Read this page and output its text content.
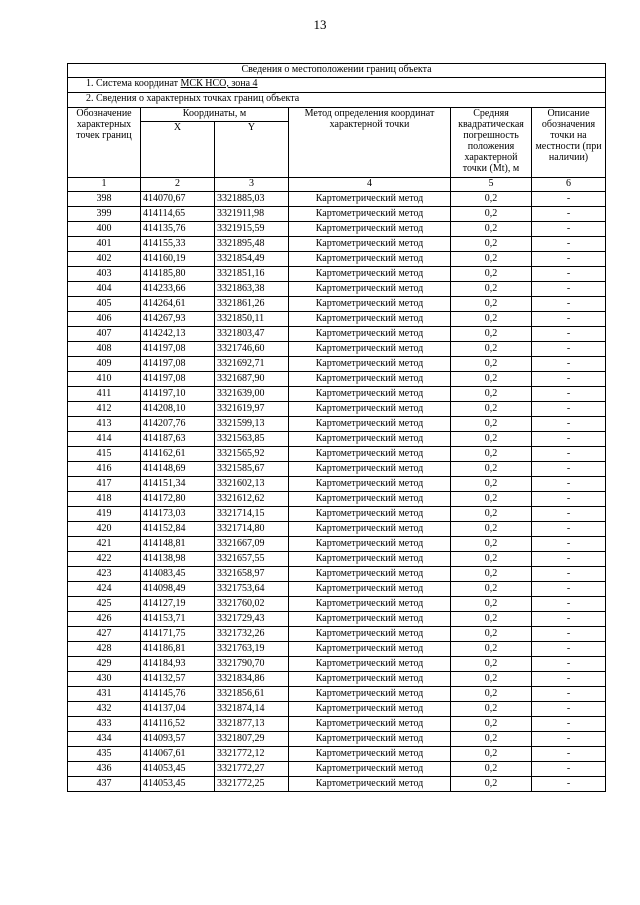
13
Сведения о местоположении границ объекта					
1. Система координат МСК НСО, зона 4					
2. Сведения о характерных точках границ объекта					
Обозначение характерных точек границ	Координаты, м		Метод определения координат характерной точки	Средняя квадратическая погрешность положения характерной точки (Mt), м	Описание обозначения точки на местности (при наличии)
	X	Y			
1	2	3	4	5	6
398	414070,67	3321885,03	Картометрический метод	0,2	-
399	414114,65	3321911,98	Картометрический метод	0,2	-
400	414135,76	3321915,59	Картометрический метод	0,2	-
401	414155,33	3321895,48	Картометрический метод	0,2	-
402	414160,19	3321854,49	Картометрический метод	0,2	-
403	414185,80	3321851,16	Картометрический метод	0,2	-
404	414233,66	3321863,38	Картометрический метод	0,2	-
405	414264,61	3321861,26	Картометрический метод	0,2	-
406	414267,93	3321850,11	Картометрический метод	0,2	-
407	414242,13	3321803,47	Картометрический метод	0,2	-
408	414197,08	3321746,60	Картометрический метод	0,2	-
409	414197,08	3321692,71	Картометрический метод	0,2	-
410	414197,08	3321687,90	Картометрический метод	0,2	-
411	414197,10	3321639,00	Картометрический метод	0,2	-
412	414208,10	3321619,97	Картометрический метод	0,2	-
413	414207,76	3321599,13	Картометрический метод	0,2	-
414	414187,63	3321563,85	Картометрический метод	0,2	-
415	414162,61	3321565,92	Картометрический метод	0,2	-
416	414148,69	3321585,67	Картометрический метод	0,2	-
417	414151,34	3321602,13	Картометрический метод	0,2	-
418	414172,80	3321612,62	Картометрический метод	0,2	-
419	414173,03	3321714,15	Картометрический метод	0,2	-
420	414152,84	3321714,80	Картометрический метод	0,2	-
421	414148,81	3321667,09	Картометрический метод	0,2	-
422	414138,98	3321657,55	Картометрический метод	0,2	-
423	414083,45	3321658,97	Картометрический метод	0,2	-
424	414098,49	3321753,64	Картометрический метод	0,2	-
425	414127,19	3321760,02	Картометрический метод	0,2	-
426	414153,71	3321729,43	Картометрический метод	0,2	-
427	414171,75	3321732,26	Картометрический метод	0,2	-
428	414186,81	3321763,19	Картометрический метод	0,2	-
429	414184,93	3321790,70	Картометрический метод	0,2	-
430	414132,57	3321834,86	Картометрический метод	0,2	-
431	414145,76	3321856,61	Картометрический метод	0,2	-
432	414137,04	3321874,14	Картометрический метод	0,2	-
433	414116,52	3321877,13	Картометрический метод	0,2	-
434	414093,57	3321807,29	Картометрический метод	0,2	-
435	414067,61	3321772,12	Картометрический метод	0,2	-
436	414053,45	3321772,27	Картометрический метод	0,2	-
437	414053,45	3321772,25	Картометрический метод	0,2	-
